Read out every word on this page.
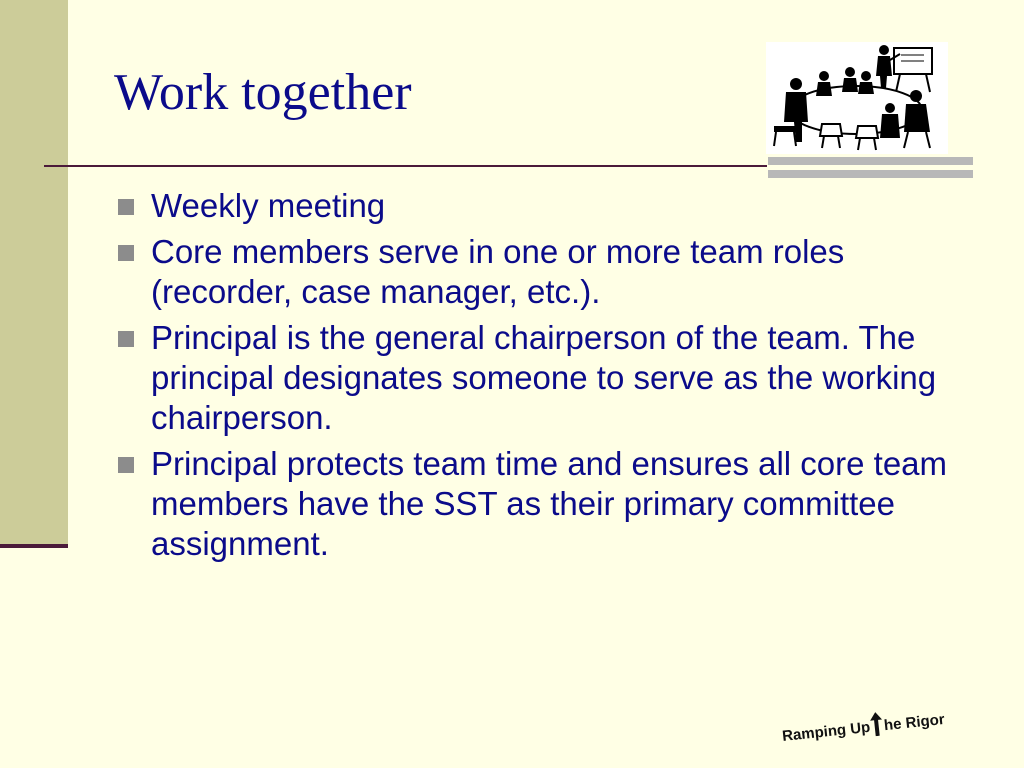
Work together
Weekly meeting
Core members serve in one or more team roles (recorder, case manager, etc.).
Principal is the general chairperson of the team. The principal designates someone to serve as the working chairperson.
Principal protects team time and ensures all core team members have the SST as their primary committee assignment.
Ramping Up he Rigor
